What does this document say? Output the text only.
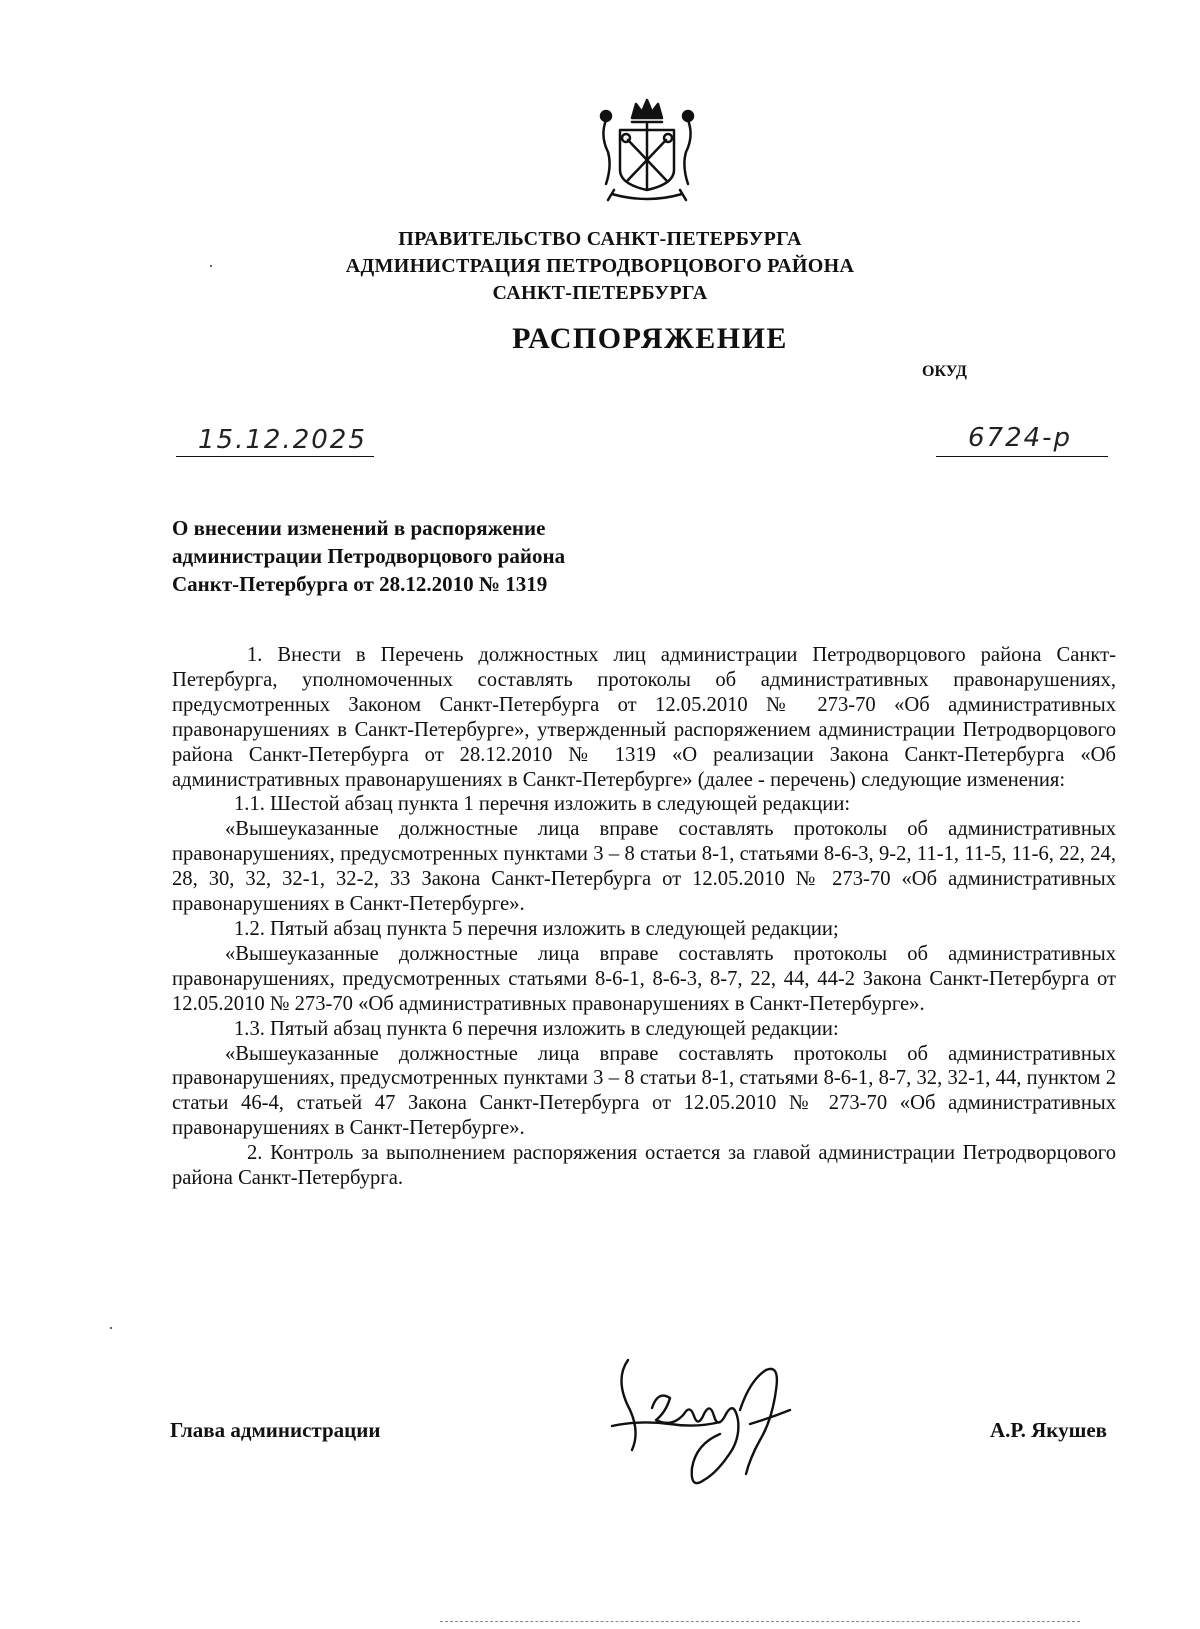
ПРАВИТЕЛЬСТВО САНКТ-ПЕТЕРБУРГА
АДМИНИСТРАЦИЯ ПЕТРОДВОРЦОВОГО РАЙОНА
САНКТ-ПЕТЕРБУРГА
РАСПОРЯЖЕНИЕ
ОКУД
15.12.2025	6724-р
О внесении изменений в распоряжение
администрации Петродворцового района
Санкт-Петербурга от 28.12.2010 № 1319

1. Внести в Перечень должностных лиц администрации Петродворцового района Санкт-Петербурга, уполномоченных составлять протоколы об административных правонарушениях, предусмотренных Законом Санкт-Петербурга от 12.05.2010 № 273-70 «Об административных правонарушениях в Санкт-Петербурге», утвержденный распоряжением администрации Петродворцового района Санкт-Петербурга от 28.12.2010 № 1319 «О реализации Закона Санкт-Петербурга «Об административных правонарушениях в Санкт-Петербурге» (далее - перечень) следующие изменения:

1.1. Шестой абзац пункта 1 перечня изложить в следующей редакции:

«Вышеуказанные должностные лица вправе составлять протоколы об административных правонарушениях, предусмотренных пунктами 3 – 8 статьи 8-1, статьями 8-6-3, 9-2, 11-1, 11-5, 11-6, 22, 24, 28, 30, 32, 32-1, 32-2, 33 Закона Санкт-Петербурга от 12.05.2010 № 273-70 «Об административных правонарушениях в Санкт-Петербурге».

1.2. Пятый абзац пункта 5 перечня изложить в следующей редакции;

«Вышеуказанные должностные лица вправе составлять протоколы об административных правонарушениях, предусмотренных статьями 8-6-1, 8-6-3, 8-7, 22, 44, 44-2 Закона Санкт-Петербурга от 12.05.2010 № 273-70 «Об административных правонарушениях в Санкт-Петербурге».

1.3. Пятый абзац пункта 6 перечня изложить в следующей редакции:

«Вышеуказанные должностные лица вправе составлять протоколы об административных правонарушениях, предусмотренных пунктами 3 – 8 статьи 8-1, статьями 8-6-1, 8-7, 32, 32-1, 44, пунктом 2 статьи 46-4, статьей 47 Закона Санкт-Петербурга от 12.05.2010 № 273-70 «Об административных правонарушениях в Санкт-Петербурге».

2. Контроль за выполнением распоряжения остается за главой администрации Петродворцового района Санкт-Петербурга.

Глава администрации	А.Р. Якушев
